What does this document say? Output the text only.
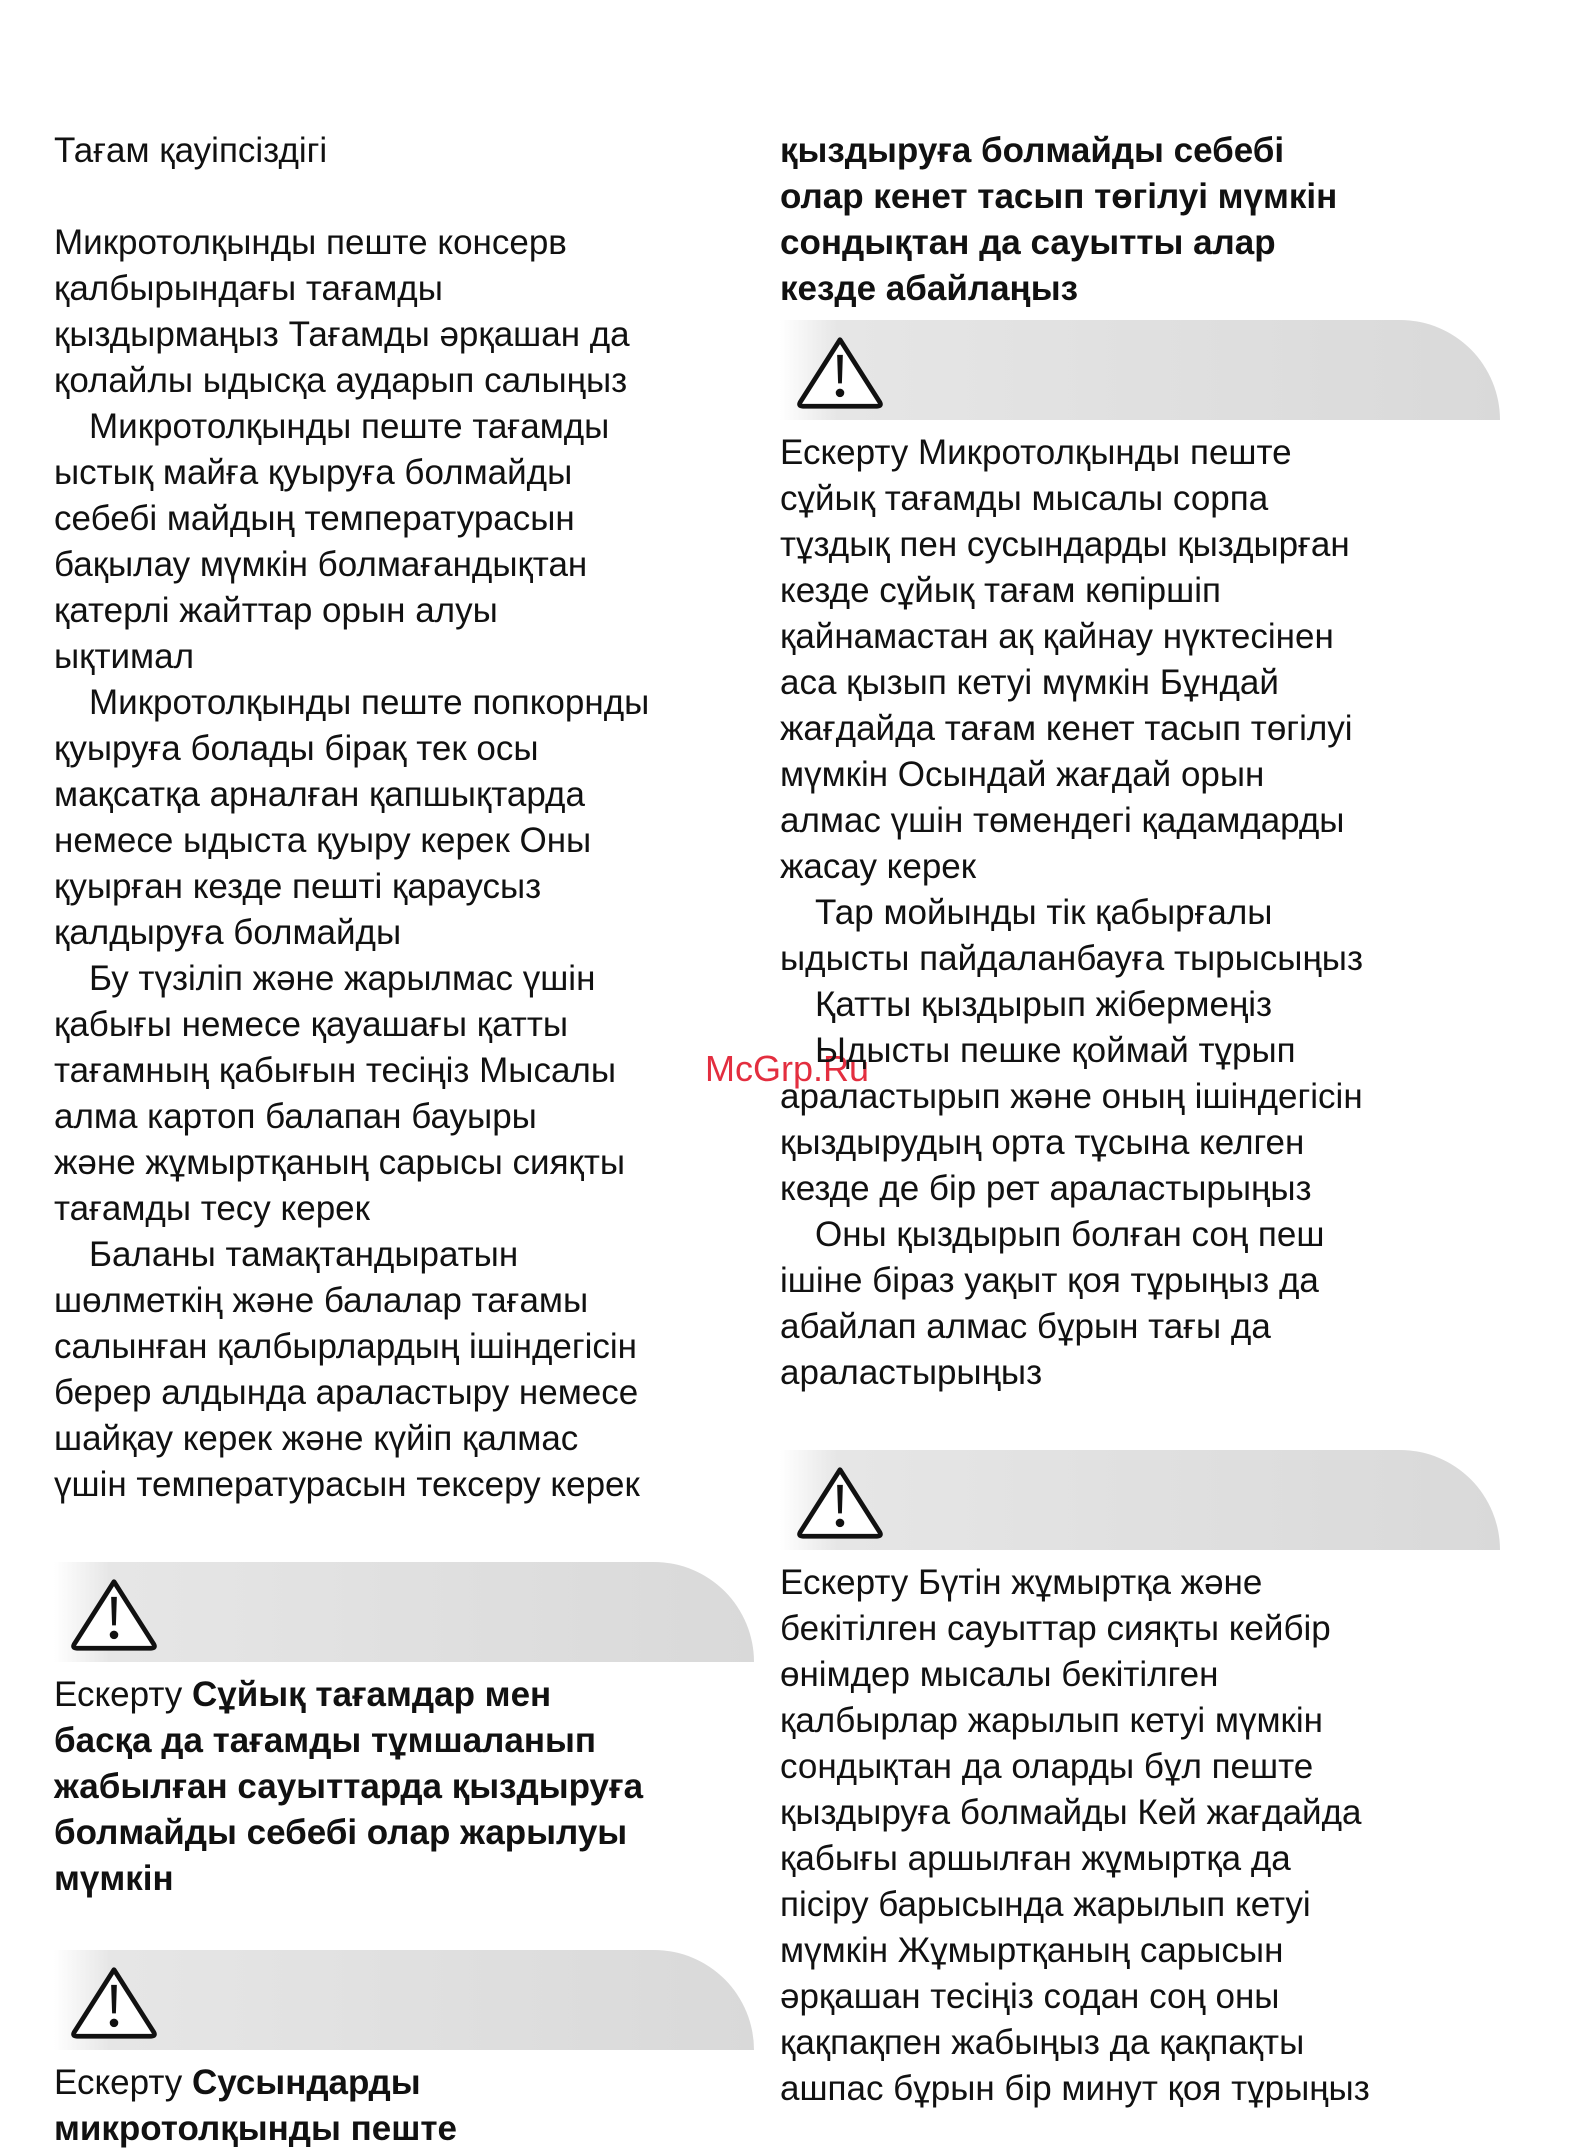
McGrp.Ru
Тағам қауіпсіздігі
Микротолқынды пеште консерв
қалбырындағы тағамды
қыздырмаңыз Тағамды әрқашан да
қолайлы ыдысқа аударып салыңыз
Микротолқынды пеште тағамды
ыстық майға қуыруға болмайды
себебі майдың температурасын
бақылау мүмкін болмағандықтан
қатерлі жайттар орын алуы
ықтимал
Микротолқынды пеште попкорнды
қуыруға болады бірақ тек осы
мақсатқа арналған қапшықтарда
немесе ыдыста қуыру керек Оны
қуырған кезде пешті қараусыз
қалдыруға болмайды
Бу түзіліп және жарылмас үшін
қабығы немесе қауашағы қатты
тағамның қабығын тесіңіз Мысалы
алма картоп балапан бауыры
және жұмыртқаның сарысы сияқты
тағамды тесу керек
Баланы тамақтандыратын
шөлметкің және балалар тағамы
салынған қалбырлардың ішіндегісін
берер алдында араластыру немесе
шайқау керек және күйіп қалмас
үшін температурасын тексеру керек
Ескерту Сұйық тағамдар мен
басқа да тағамды тұмшаланып
жабылған сауыттарда қыздыруға
болмайды себебі олар жарылуы
мүмкін
Ескерту Сусындарды
микротолқынды пеште
қыздыруға болмайды себебі
олар кенет тасып төгілуі мүмкін
сондықтан да сауытты алар
кезде абайлаңыз
Ескерту Микротолқынды пеште
сұйық тағамды мысалы сорпа
тұздық пен сусындарды қыздырған
кезде сұйық тағам көпіршіп
қайнамастан ақ қайнау нүктесінен
аса қызып кетуі мүмкін Бұндай
жағдайда тағам кенет тасып төгілуі
мүмкін Осындай жағдай орын
алмас үшін төмендегі қадамдарды
жасау керек
Тар мойынды тік қабырғалы
ыдысты пайдаланбауға тырысыңыз
Қатты қыздырып жібермеңіз
Ыдысты пешке қоймай тұрып
араластырып және оның ішіндегісін
қыздырудың орта тұсына келген
кезде де бір рет араластырыңыз
Оны қыздырып болған соң пеш
ішіне біраз уақыт қоя тұрыңыз да
абайлап алмас бұрын тағы да
араластырыңыз
Ескерту Бүтін жұмыртқа және
бекітілген сауыттар сияқты кейбір
өнімдер мысалы бекітілген
қалбырлар жарылып кетуі мүмкін
сондықтан да оларды бұл пеште
қыздыруға болмайды Кей жағдайда
қабығы аршылған жұмыртқа да
пісіру барысында жарылып кетуі
мүмкін Жұмыртқаның сарысын
әрқашан тесіңіз содан соң оны
қақпақпен жабыңыз да қақпақты
ашпас бұрын бір минут қоя тұрыңыз
